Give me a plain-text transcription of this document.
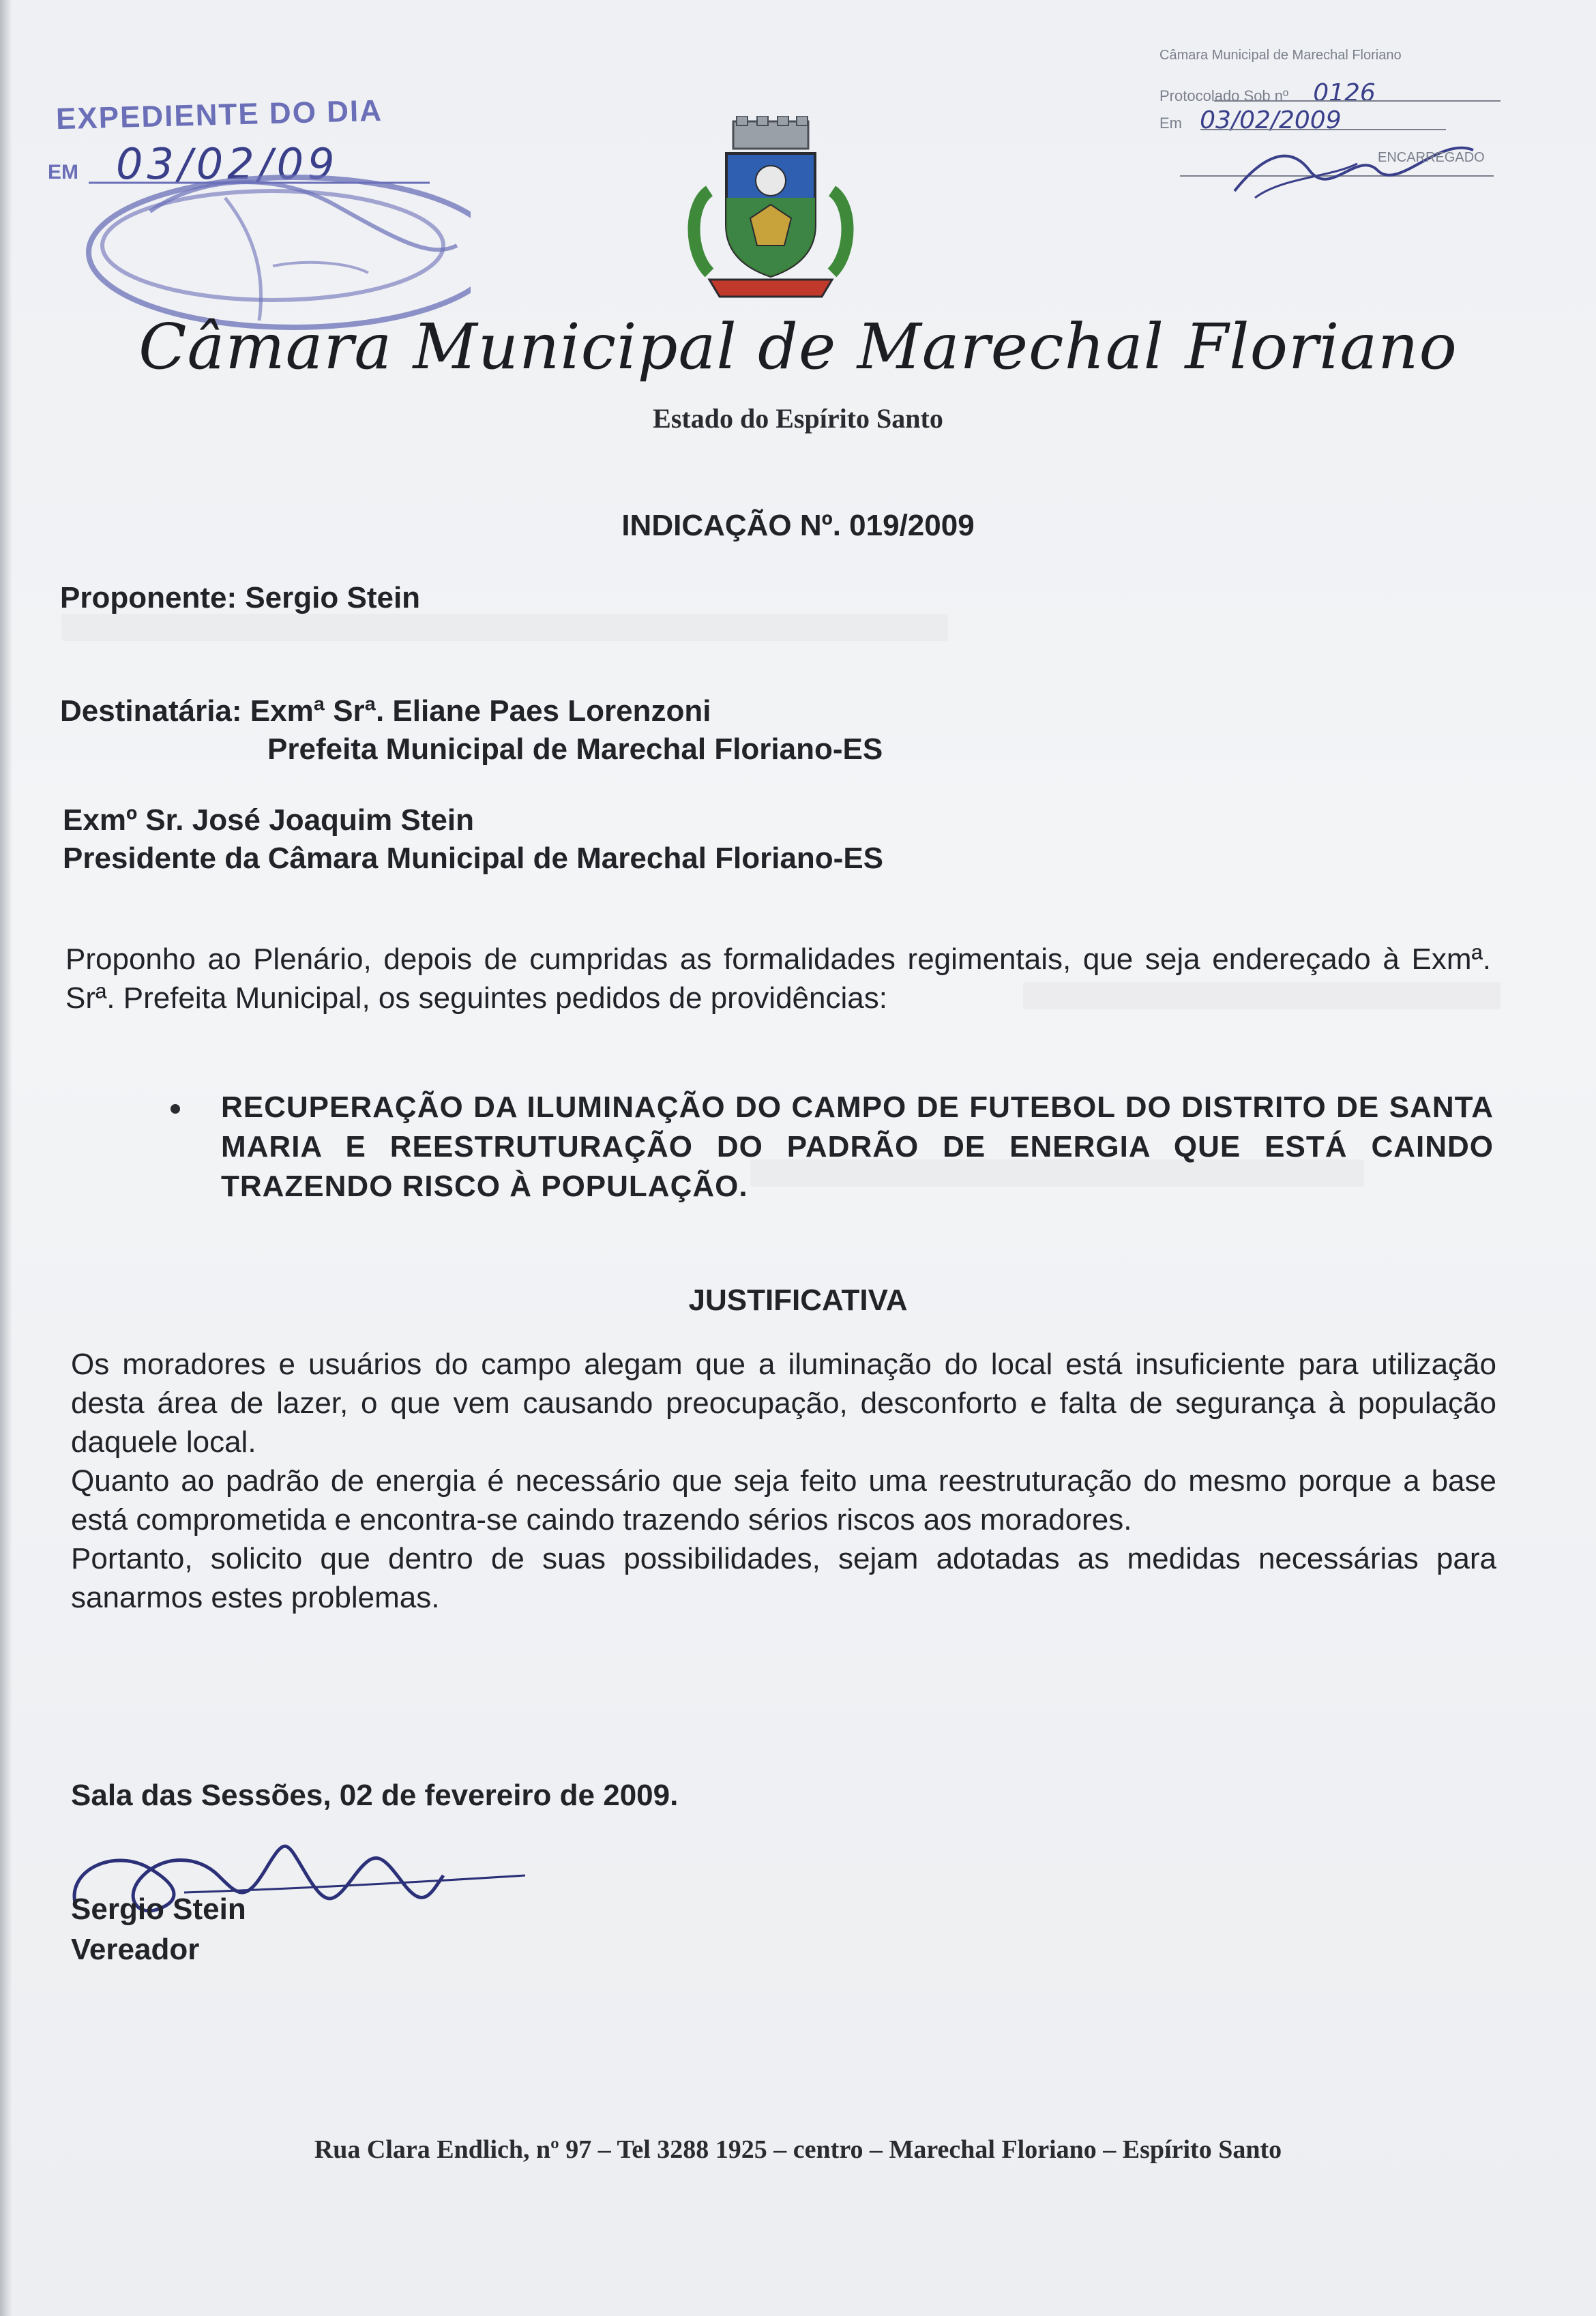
EXPEDIENTE DO DIA
EM 03/02/09
Câmara Municipal de Marechal Floriano
Protocolado Sob nº 0126
Em 03/02/2009
ENCARREGADO
Câmara Municipal de Marechal Floriano
Estado do Espírito Santo
INDICAÇÃO Nº. 019/2009
Proponente: Sergio Stein
Destinatária: Exmª Srª. Eliane Paes Lorenzoni
Prefeita Municipal de Marechal Floriano-ES
Exmº Sr. José Joaquim Stein
Presidente da Câmara Municipal de Marechal Floriano-ES
Proponho ao Plenário, depois de cumpridas as formalidades regimentais, que seja endereçado à Exmª. Srª. Prefeita Municipal, os seguintes pedidos de providências:
RECUPERAÇÃO DA ILUMINAÇÃO DO CAMPO DE FUTEBOL DO DISTRITO DE SANTA MARIA E REESTRUTURAÇÃO DO PADRÃO DE ENERGIA QUE ESTÁ CAINDO TRAZENDO RISCO À POPULAÇÃO.
JUSTIFICATIVA
Os moradores e usuários do campo alegam que a iluminação do local está insuficiente para utilização desta área de lazer, o que vem causando preocupação, desconforto e falta de segurança à população daquele local.
Quanto ao padrão de energia é necessário que seja feito uma reestruturação do mesmo porque a base está comprometida e encontra-se caindo trazendo sérios riscos aos moradores.
Portanto, solicito que dentro de suas possibilidades, sejam adotadas as medidas necessárias para sanarmos estes problemas.
Sala das Sessões, 02 de fevereiro de 2009.
Sergio Stein
Vereador
Rua Clara Endlich, nº 97 – Tel 3288 1925 – centro – Marechal Floriano – Espírito Santo
